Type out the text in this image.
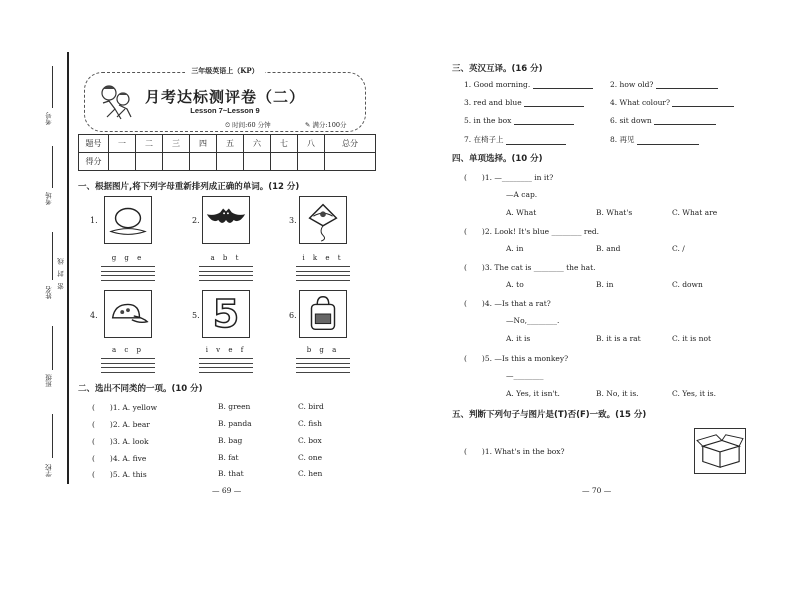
考号
考场
姓名
密 封 线
班级
学校
三年级英语上（KP）
月考达标测评卷（二）
Lesson 7~Lesson 9
⏲ 时间:60 分钟	✎ 满分:100分
题号	一	二	三	四	五	六	七	八	总分
得分									
一、根据图片,将下列字母重新排列成正确的单词。(12 分)
1.
g g e
2.
a b t
3.
i k e t
4.
a c p
5. 5
i v e f
6.
b g a
二、选出不同类的一项。(10 分)
(　　)1. A. yellow	B. green	C. bird
(　　)2. A. bear	B. panda	C. fish
(　　)3. A. look	B. bag	C. box
(　　)4. A. five	B. fat	C. one
(　　)5. A. this	B. that	C. hen
— 69 —
三、英汉互译。(16 分)
1. Good morning.	2. how old?
3. red and blue	4. What colour?
5. in the box	6. sit down
7. 在椅子上	8. 再见
四、单项选择。(10 分)
(　　)1. —________ in it?
—A cap.
A. What	B. What's	C. What are
(　　)2. Look! It's blue ________ red.
A. in	B. and	C. ∕
(　　)3. The cat is ________ the hat.
A. to	B. in	C. down
(　　)4. —Is that a rat?
—No,________.
A. it is	B. it is a rat	C. it is not
(　　)5. —Is this a monkey?
—________
A. Yes, it isn't.	B. No, it is.	C. Yes, it is.
五、判断下列句子与图片是(T)否(F)一致。(15 分)
(　　)1. What's in the box?
— 70 —
